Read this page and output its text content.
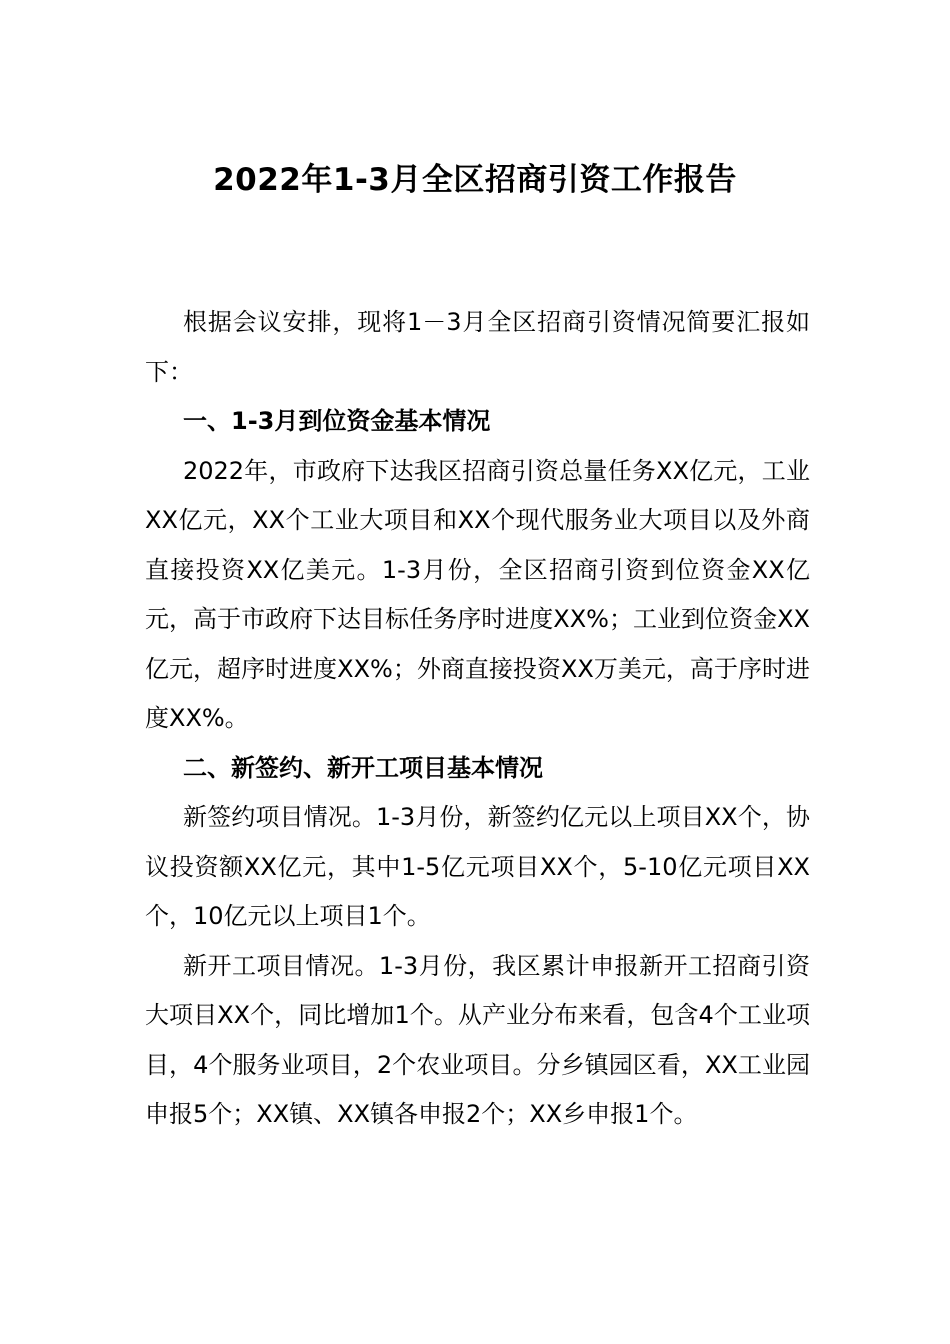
2022年1-3月全区招商引资工作报告

根据会议安排，现将1－3月全区招商引资情况简要汇报如下：

一、1-3月到位资金基本情况

2022年，市政府下达我区招商引资总量任务XX亿元，工业XX亿元，XX个工业大项目和XX个现代服务业大项目以及外商直接投资XX亿美元。1-3月份，全区招商引资到位资金XX亿元，高于市政府下达目标任务序时进度XX%；工业到位资金XX亿元，超序时进度XX%；外商直接投资XX万美元，高于序时进度XX%。

二、新签约、新开工项目基本情况

新签约项目情况。1-3月份，新签约亿元以上项目XX个，协议投资额XX亿元，其中1-5亿元项目XX个，5-10亿元项目XX个，10亿元以上项目1个。

新开工项目情况。1-3月份，我区累计申报新开工招商引资大项目XX个，同比增加1个。从产业分布来看，包含4个工业项目，4个服务业项目，2个农业项目。分乡镇园区看，XX工业园申报5个；XX镇、XX镇各申报2个；XX乡申报1个。
